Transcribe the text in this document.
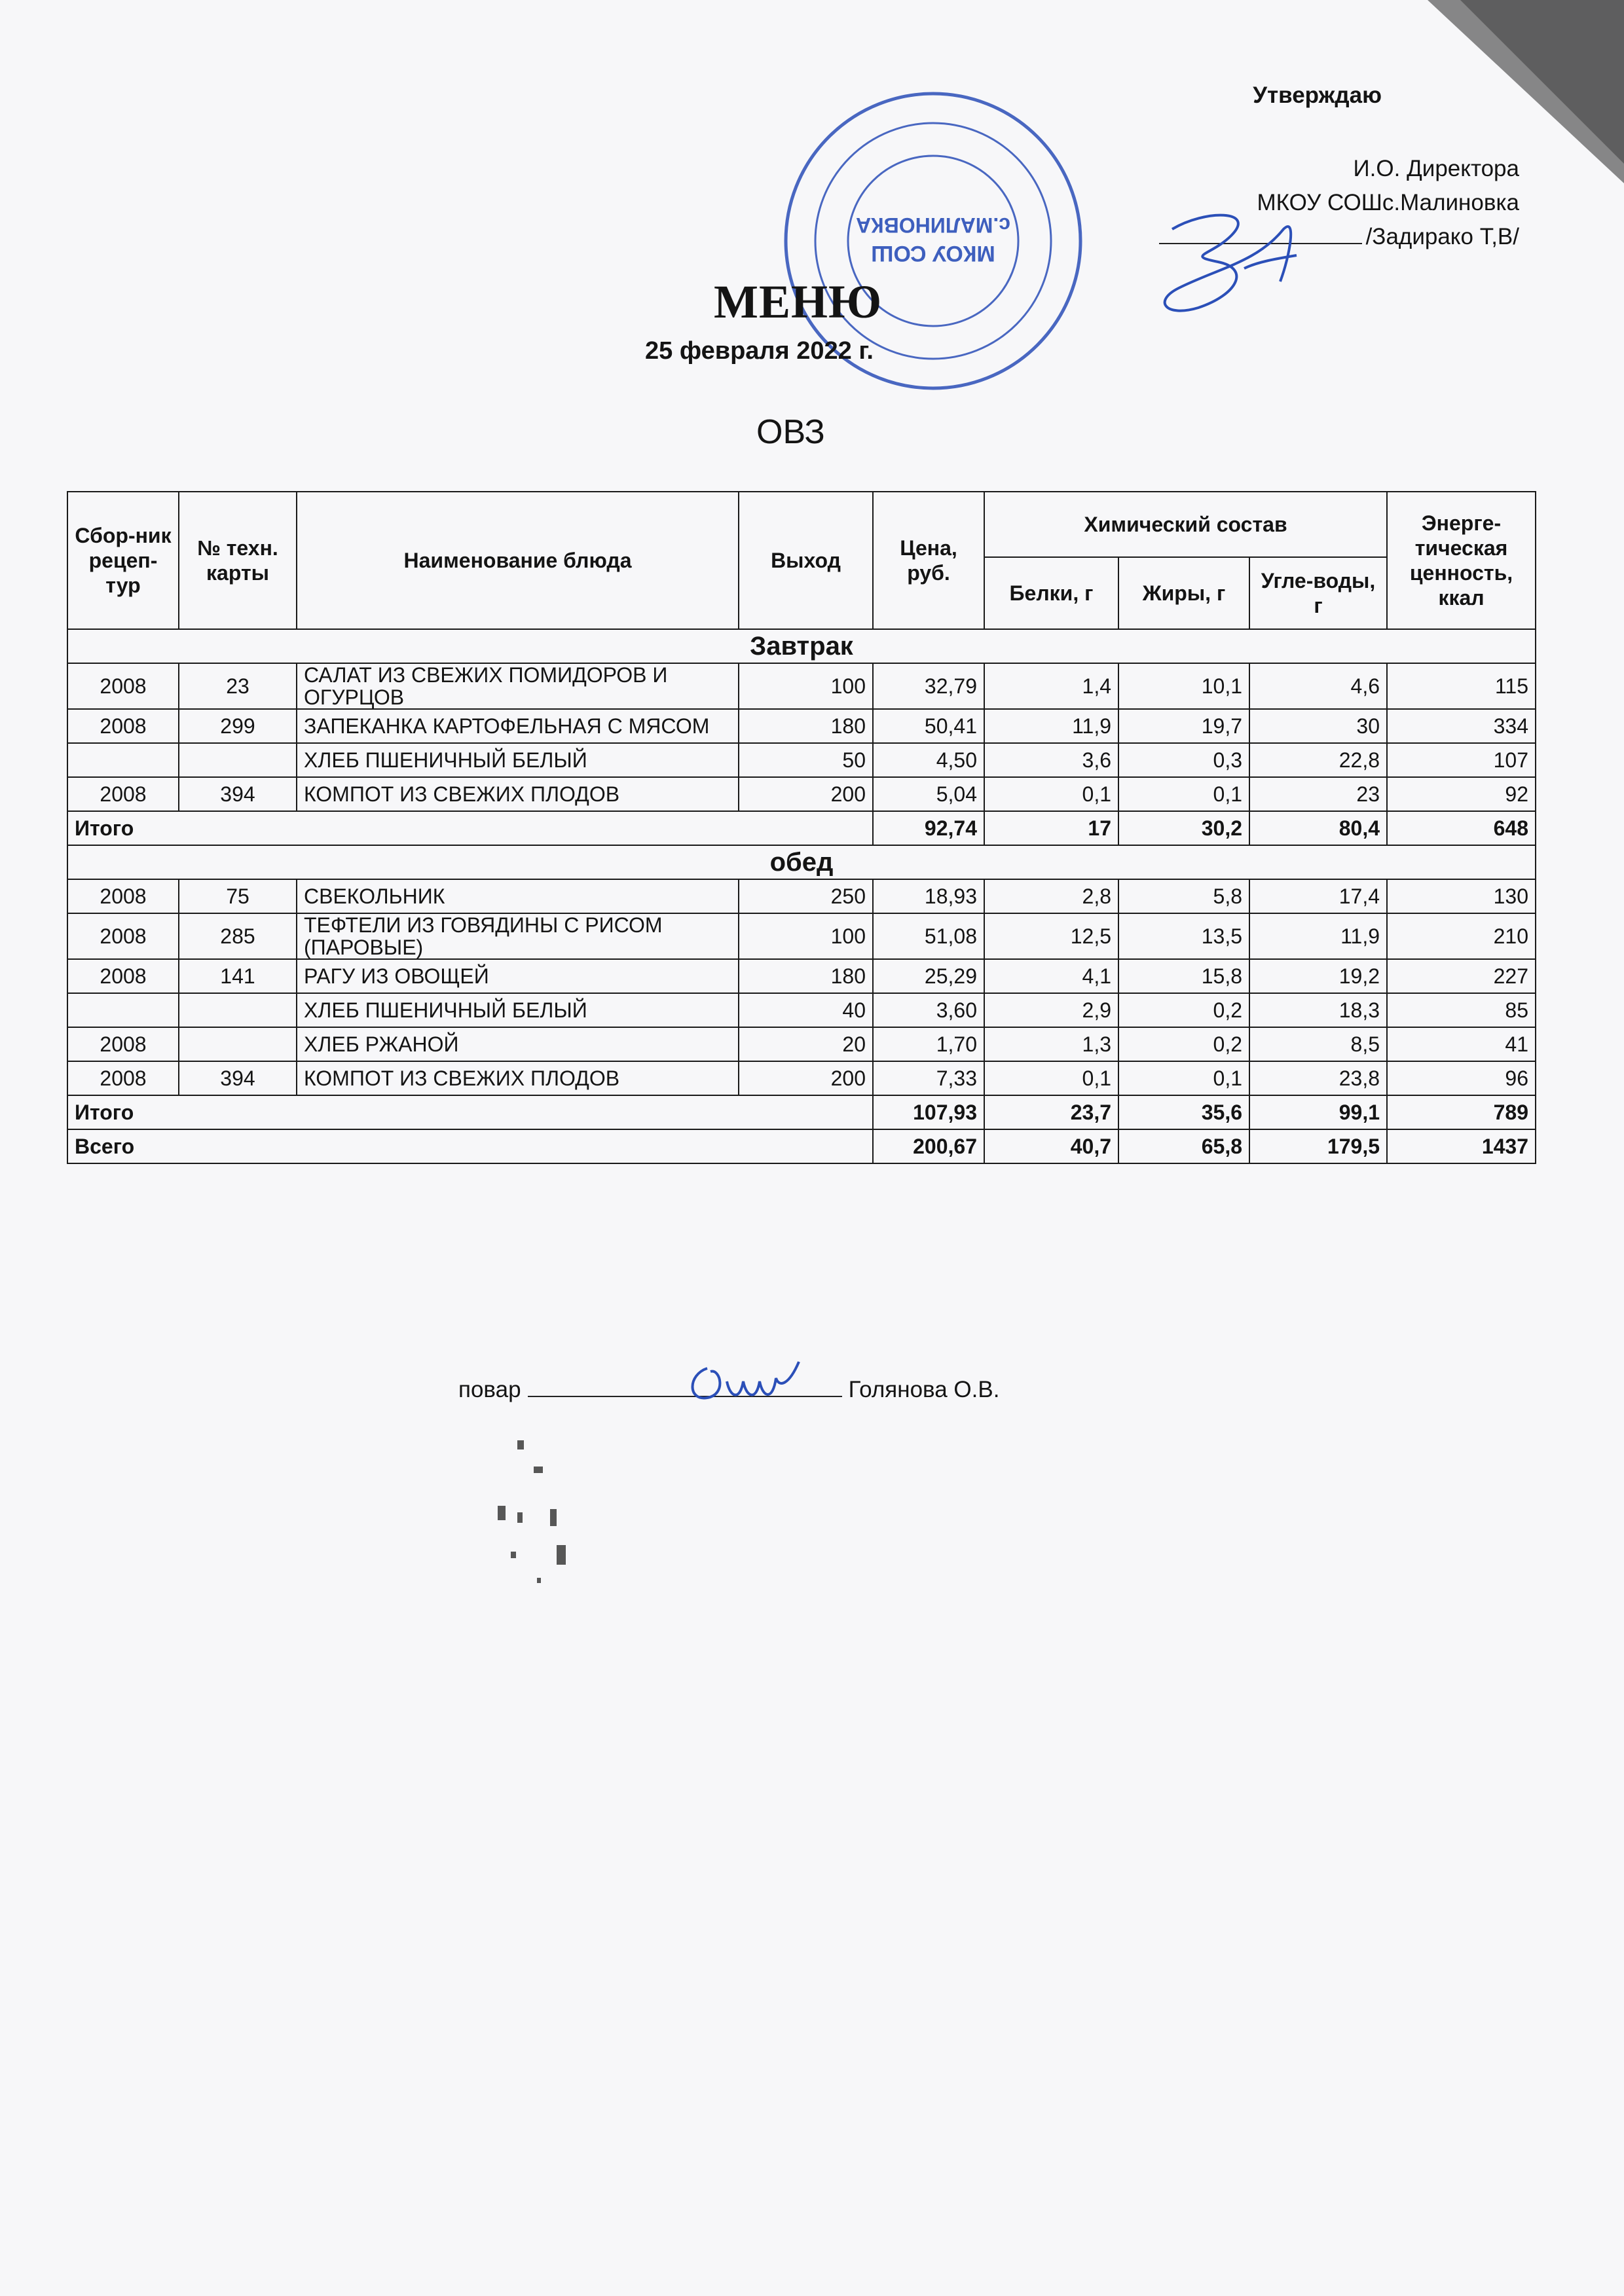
Утверждаю
И.О. Директора
МКОУ СОШс.Малиновка
/Задирако Т,В/
МКОУ СОШ
с.МАЛИНОВКА
МЕНЮ
25 февраля 2022 г.
ОВЗ
Сбор-ник рецеп-тур	№ техн. карты	Наименование блюда	Выход	Цена, руб.	Химический состав			Энерге-тическая ценность, ккал
					Белки, г	Жиры, г	Угле-воды, г	
Завтрак								
2008	23	САЛАТ ИЗ СВЕЖИХ ПОМИДОРОВ И ОГУРЦОВ	100	32,79	1,4	10,1	4,6	115
2008	299	ЗАПЕКАНКА КАРТОФЕЛЬНАЯ С МЯСОМ	180	50,41	11,9	19,7	30	334
		ХЛЕБ ПШЕНИЧНЫЙ БЕЛЫЙ	50	4,50	3,6	0,3	22,8	107
2008	394	КОМПОТ ИЗ СВЕЖИХ ПЛОДОВ	200	5,04	0,1	0,1	23	92
Итого				92,74	17	30,2	80,4	648
обед								
2008	75	СВЕКОЛЬНИК	250	18,93	2,8	5,8	17,4	130
2008	285	ТЕФТЕЛИ ИЗ ГОВЯДИНЫ С РИСОМ (ПАРОВЫЕ)	100	51,08	12,5	13,5	11,9	210
2008	141	РАГУ ИЗ ОВОЩЕЙ	180	25,29	4,1	15,8	19,2	227
		ХЛЕБ ПШЕНИЧНЫЙ БЕЛЫЙ	40	3,60	2,9	0,2	18,3	85
2008		ХЛЕБ РЖАНОЙ	20	1,70	1,3	0,2	8,5	41
2008	394	КОМПОТ ИЗ СВЕЖИХ ПЛОДОВ	200	7,33	0,1	0,1	23,8	96
Итого				107,93	23,7	35,6	99,1	789
Всего				200,67	40,7	65,8	179,5	1437
повар	Голянова О.В.
